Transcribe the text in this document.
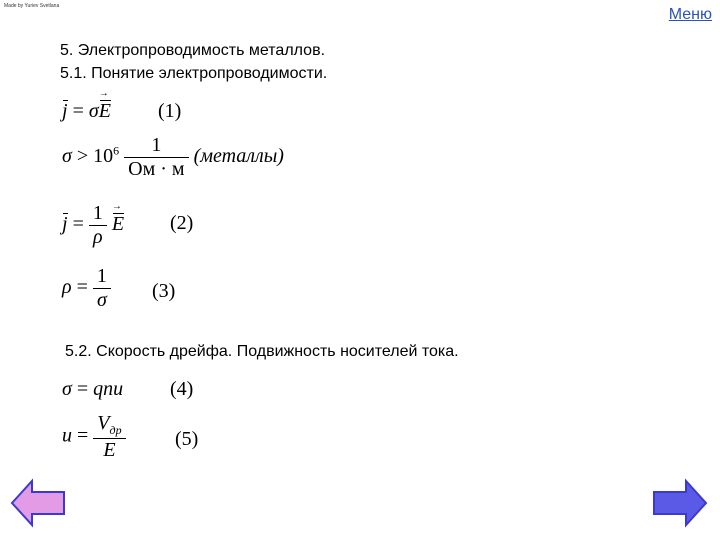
Made by Yuriev Svetlana	Меню
5. Электропроводимость металлов.
5.1. Понятие электропроводимости.
j = σE → (1)
$\sigma > 10^6 \frac{1}{Ом \cdot м}$ (металлы)
$j = \frac{1}{\rho}$ E → (2)
$\rho = \frac{1}{\sigma} (3)$
5.2. Скорость дрейфа. Подвижность носителей тока.
σ = qnu (4)
$u = \frac{V_{др}}{E} (5)$
